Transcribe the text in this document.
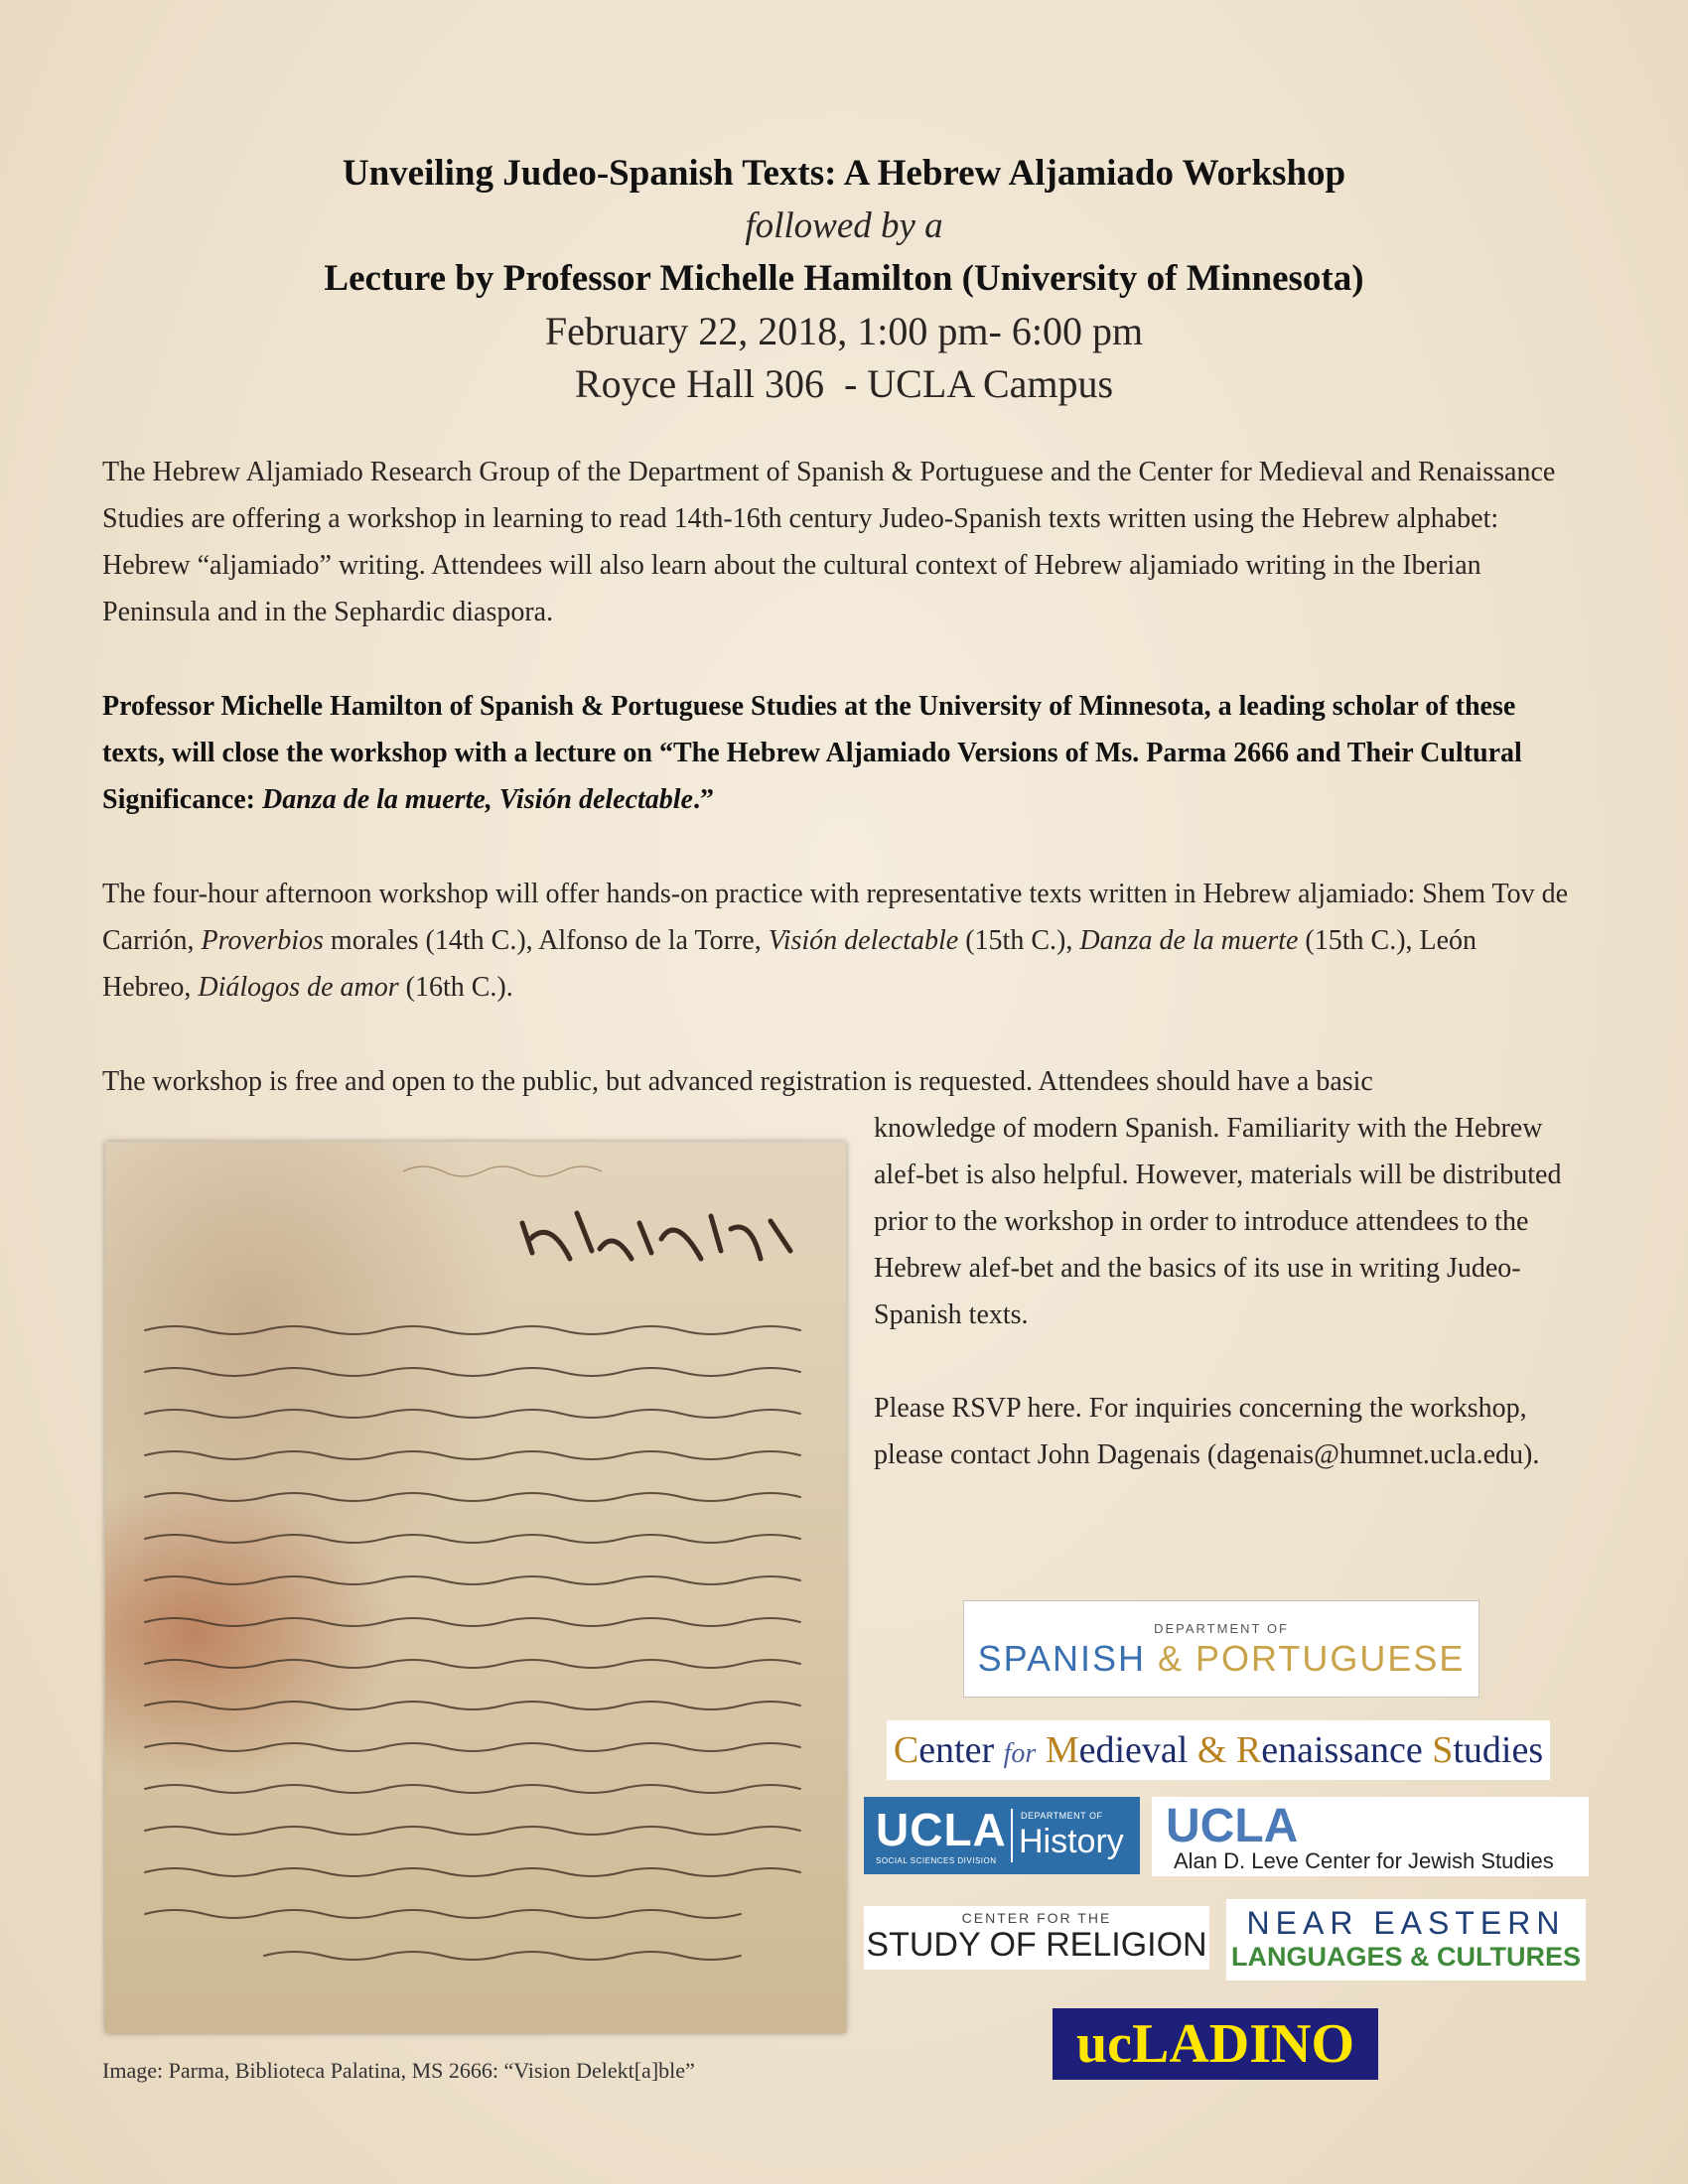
Unveiling Judeo-Spanish Texts: A Hebrew Aljamiado Workshop
followed by a
Lecture by Professor Michelle Hamilton (University of Minnesota)
February 22, 2018, 1:00 pm- 6:00 pm
Royce Hall 306  - UCLA Campus

The Hebrew Aljamiado Research Group of the Department of Spanish & Portuguese and the Center for Medieval and Renaissance Studies are offering a workshop in learning to read 14th-16th century Judeo-Spanish texts written using the Hebrew alphabet: Hebrew “aljamiado” writing. Attendees will also learn about the cultural context of Hebrew aljamiado writing in the Iberian Peninsula and in the Sephardic diaspora.

Professor Michelle Hamilton of Spanish & Portuguese Studies at the University of Minnesota, a leading scholar of these texts, will close the workshop with a lecture on “The Hebrew Aljamiado Versions of Ms. Parma 2666 and Their Cultural Significance: Danza de la muerte, Visión delectable.”

The four-hour afternoon workshop will offer hands-on practice with representative texts written in Hebrew aljamiado: Shem Tov de Carrión, Proverbios morales (14th C.), Alfonso de la Torre, Visión delectable (15th C.), Danza de la muerte (15th C.), León Hebreo, Diálogos de amor (16th C.).

The workshop is free and open to the public, but advanced registration is requested. Attendees should have a basic

knowledge of modern Spanish. Familiarity with the Hebrew alef-bet is also helpful. However, materials will be distributed prior to the workshop in order to introduce attendees to the Hebrew alef-bet and the basics of its use in writing Judeo-Spanish texts.

Please RSVP here. For inquiries concerning the workshop, please contact John Dagenais (dagenais@humnet.ucla.edu).

Image: Parma, Biblioteca Palatina, MS 2666: “Vision Delekt[a]ble”
DEPARTMENT OF
SPANISH & PORTUGUESE
Center for Medieval & Renaissance Studies
UCLA
SOCIAL SCIENCES DIVISION
DEPARTMENT OF
History UCLA
Alan D. Leve Center for Jewish Studies
CENTER FOR THE
STUDY OF RELIGION
NEAR EASTERN
LANGUAGES & CULTURES
ucLADINO
